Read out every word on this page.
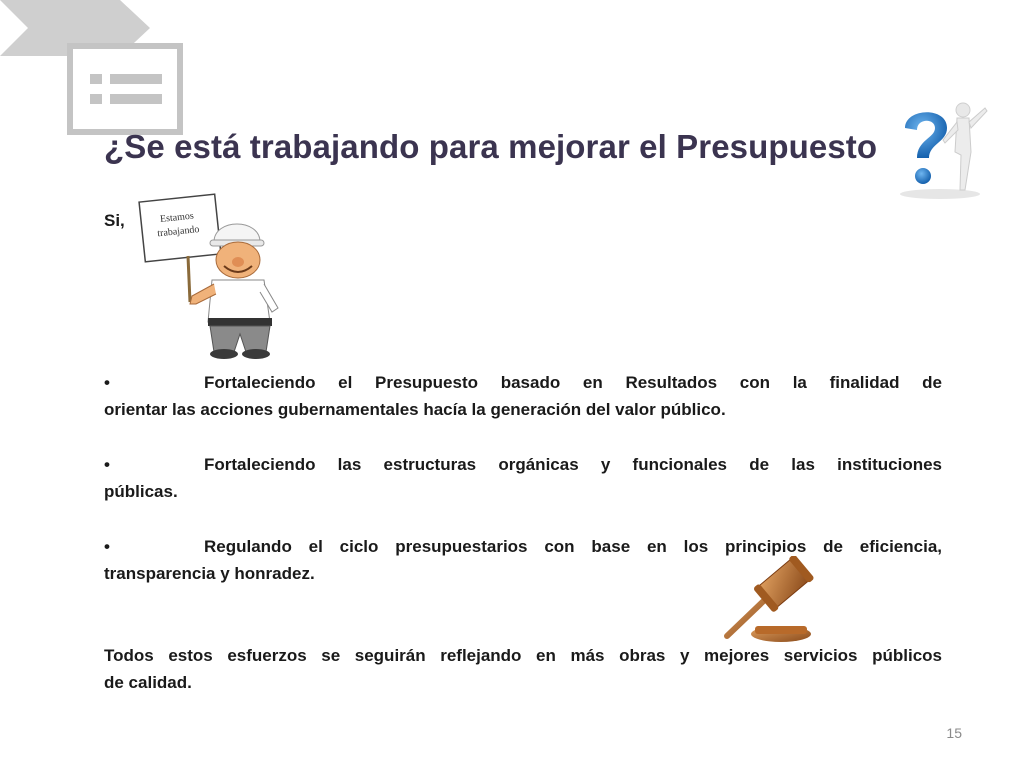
¿Se está trabajando para mejorar el Presupuesto
Si,	Estamos
trabajando
•	Fortaleciendo el Presupuesto basado en Resultados con la finalidad de
orientar las acciones gubernamentales hacía la generación del valor público.
•	Fortaleciendo las estructuras orgánicas y funcionales de las instituciones
públicas.
•	Regulando el ciclo presupuestarios con base en los principios de eficiencia,
transparencia y honradez.
Todos estos esfuerzos se seguirán reflejando en más obras y mejores servicios públicos
de calidad.
15
